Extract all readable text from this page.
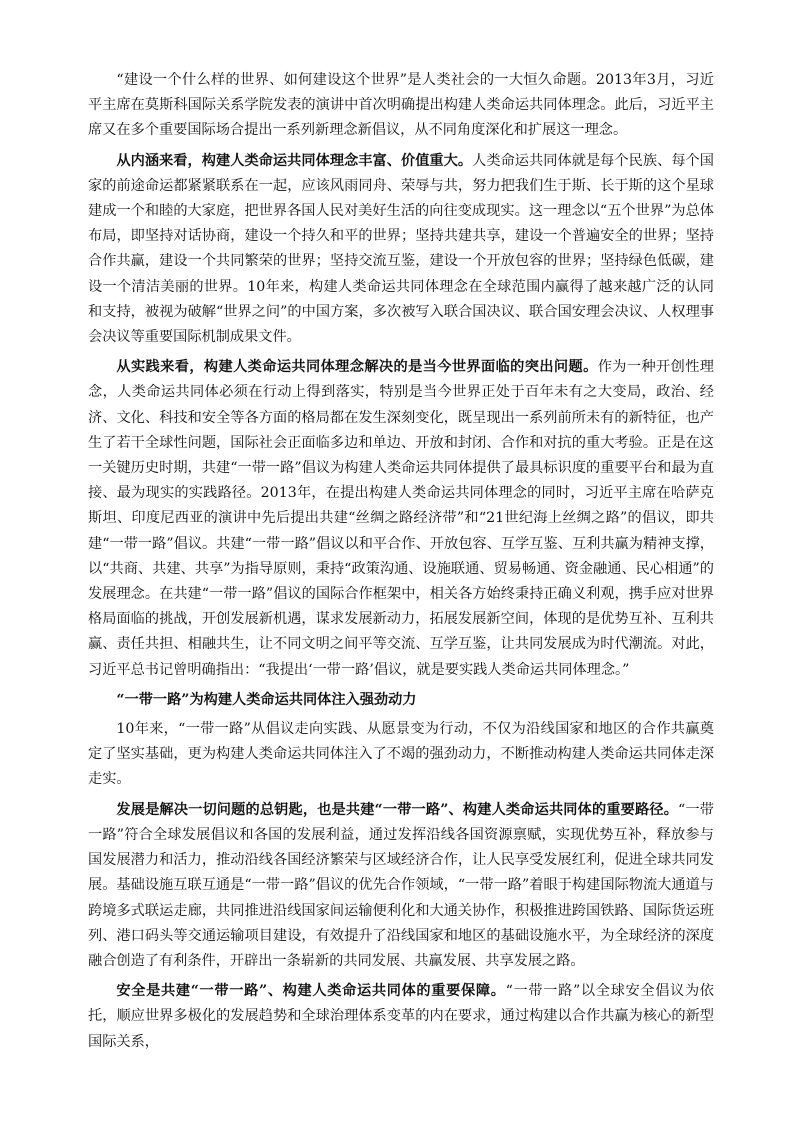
“建设一个什么样的世界、如何建设这个世界”是人类社会的一大恒久命题。2013年3月，习近平主席在莫斯科国际关系学院发表的演讲中首次明确提出构建人类命运共同体理念。此后，习近平主席又在多个重要国际场合提出一系列新理念新倡议，从不同角度深化和扩展这一理念。

从内涵来看，构建人类命运共同体理念丰富、价值重大。人类命运共同体就是每个民族、每个国家的前途命运都紧紧联系在一起，应该风雨同舟、荣辱与共，努力把我们生于斯、长于斯的这个星球建成一个和睦的大家庭，把世界各国人民对美好生活的向往变成现实。这一理念以“五个世界”为总体布局，即坚持对话协商，建设一个持久和平的世界；坚持共建共享，建设一个普遍安全的世界；坚持合作共赢，建设一个共同繁荣的世界；坚持交流互鉴，建设一个开放包容的世界；坚持绿色低碳，建设一个清洁美丽的世界。10年来，构建人类命运共同体理念在全球范围内赢得了越来越广泛的认同和支持，被视为破解“世界之问”的中国方案，多次被写入联合国决议、联合国安理会决议、人权理事会决议等重要国际机制成果文件。

从实践来看，构建人类命运共同体理念解决的是当今世界面临的突出问题。作为一种开创性理念，人类命运共同体必须在行动上得到落实，特别是当今世界正处于百年未有之大变局，政治、经济、文化、科技和安全等各方面的格局都在发生深刻变化，既呈现出一系列前所未有的新特征，也产生了若干全球性问题，国际社会正面临多边和单边、开放和封闭、合作和对抗的重大考验。正是在这一关键历史时期，共建“一带一路”倡议为构建人类命运共同体提供了最具标识度的重要平台和最为直接、最为现实的实践路径。2013年，在提出构建人类命运共同体理念的同时，习近平主席在哈萨克斯坦、印度尼西亚的演讲中先后提出共建“丝绸之路经济带”和“21世纪海上丝绸之路”的倡议，即共建“一带一路”倡议。共建“一带一路”倡议以和平合作、开放包容、互学互鉴、互利共赢为精神支撑，以“共商、共建、共享”为指导原则，秉持“政策沟通、设施联通、贸易畅通、资金融通、民心相通”的发展理念。在共建“一带一路”倡议的国际合作框架中，相关各方始终秉持正确义利观，携手应对世界格局面临的挑战，开创发展新机遇，谋求发展新动力，拓展发展新空间，体现的是优势互补、互利共赢、责任共担、相融共生，让不同文明之间平等交流、互学互鉴，让共同发展成为时代潮流。对此，习近平总书记曾明确指出：“我提出‘一带一路’倡议，就是要实践人类命运共同体理念。”

“一带一路”为构建人类命运共同体注入强劲动力

10年来，“一带一路”从倡议走向实践、从愿景变为行动，不仅为沿线国家和地区的合作共赢奠定了坚实基础，更为构建人类命运共同体注入了不竭的强劲动力，不断推动构建人类命运共同体走深走实。

发展是解决一切问题的总钥匙，也是共建“一带一路”、构建人类命运共同体的重要路径。“一带一路”符合全球发展倡议和各国的发展利益，通过发挥沿线各国资源禀赋，实现优势互补，释放参与国发展潜力和活力，推动沿线各国经济繁荣与区域经济合作，让人民享受发展红利，促进全球共同发展。基础设施互联互通是“一带一路”倡议的优先合作领域，“一带一路”着眼于构建国际物流大通道与跨境多式联运走廊，共同推进沿线国家间运输便利化和大通关协作，积极推进跨国铁路、国际货运班列、港口码头等交通运输项目建设，有效提升了沿线国家和地区的基础设施水平，为全球经济的深度融合创造了有利条件，开辟出一条崭新的共同发展、共赢发展、共享发展之路。

安全是共建“一带一路”、构建人类命运共同体的重要保障。“一带一路”以全球安全倡议为依托，顺应世界多极化的发展趋势和全球治理体系变革的内在要求，通过构建以合作共赢为核心的新型国际关系，
